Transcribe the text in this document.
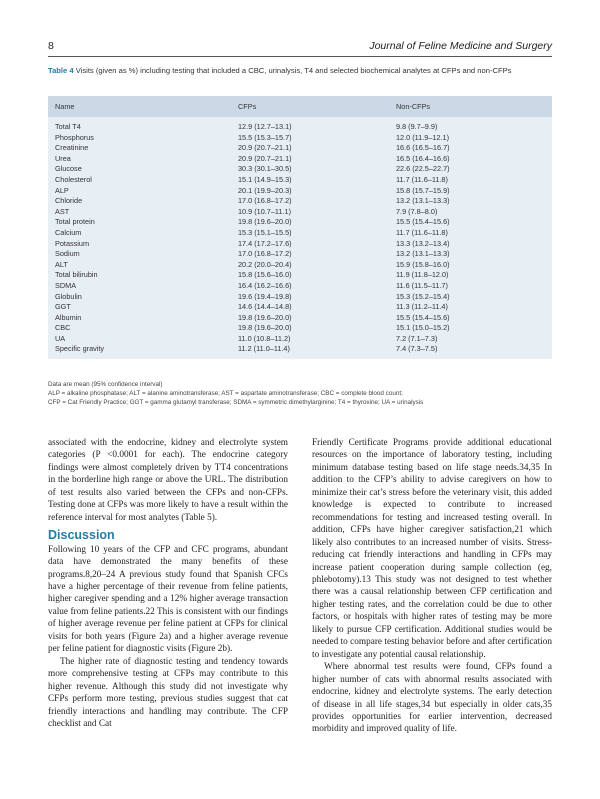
8	Journal of Feline Medicine and Surgery
Table 4 Visits (given as %) including testing that included a CBC, urinalysis, T4 and selected biochemical analytes at CFPs and non-CFPs
Name	CFPs	Non-CFPs
Total T4	12.9 (12.7–13.1)	9.8 (9.7–9.9)
Phosphorus	15.5 (15.3–15.7)	12.0 (11.9–12.1)
Creatinine	20.9 (20.7–21.1)	16.6 (16.5–16.7)
Urea	20.9 (20.7–21.1)	16.5 (16.4–16.6)
Glucose	30.3 (30.1–30.5)	22.6 (22.5–22.7)
Cholesterol	15.1 (14.9–15.3)	11.7 (11.6–11.8)
ALP	20.1 (19.9–20.3)	15.8 (15.7–15.9)
Chloride	17.0 (16.8–17.2)	13.2 (13.1–13.3)
AST	10.9 (10.7–11.1)	7.9 (7.8–8.0)
Total protein	19.8 (19.6–20.0)	15.5 (15.4–15.6)
Calcium	15.3 (15.1–15.5)	11.7 (11.6–11.8)
Potassium	17.4 (17.2–17.6)	13.3 (13.2–13.4)
Sodium	17.0 (16.8–17.2)	13.2 (13.1–13.3)
ALT	20.2 (20.0–20.4)	15.9 (15.8–16.0)
Total bilirubin	15.8 (15.6–16.0)	11.9 (11.8–12.0)
SDMA	16.4 (16.2–16.6)	11.6 (11.5–11.7)
Globulin	19.6 (19.4–19.8)	15.3 (15.2–15.4)
GGT	14.6 (14.4–14.8)	11.3 (11.2–11.4)
Albumin	19.8 (19.6–20.0)	15.5 (15.4–15.6)
CBC	19.8 (19.6–20.0)	15.1 (15.0–15.2)
UA	11.0 (10.8–11.2)	7.2 (7.1–7.3)
Specific gravity	11.2 (11.0–11.4)	7.4 (7.3–7.5)
Data are mean (95% confidence interval)
ALP = alkaline phosphatase; ALT = alanine aminotransferase; AST = aspartate aminotransferase; CBC = complete blood count;
CFP = Cat Friendly Practice; GGT = gamma glutamyl transferase; SDMA = symmetric dimethylarginine; T4 = thyroxine; UA = urinalysis

associated with the endocrine, kidney and electrolyte system categories (P <0.0001 for each). The endocrine category findings were almost completely driven by TT4 concentrations in the borderline high range or above the URL. The distribution of test results also varied between the CFPs and non-CFPs. Testing done at CFPs was more likely to have a result within the reference interval for most analytes (Table 5).

Discussion

Following 10 years of the CFP and CFC programs, abundant data have demonstrated the many benefits of these programs.8,20–24 A previous study found that Spanish CFCs have a higher percentage of their revenue from feline patients, higher caregiver spending and a 12% higher average transaction value from feline patients.22 This is consistent with our findings of higher average revenue per feline patient at CFPs for clinical visits for both years (Figure 2a) and a higher average revenue per feline patient for diagnostic visits (Figure 2b).

The higher rate of diagnostic testing and tendency towards more comprehensive testing at CFPs may contribute to this higher revenue. Although this study did not investigate why CFPs perform more testing, previous studies suggest that cat friendly interactions and handling may contribute. The CFP checklist and Cat

Friendly Certificate Programs provide additional educational resources on the importance of laboratory testing, including minimum database testing based on life stage needs.34,35 In addition to the CFP’s ability to advise caregivers on how to minimize their cat’s stress before the veterinary visit, this added knowledge is expected to contribute to increased recommendations for testing and increased testing overall. In addition, CFPs have higher caregiver satisfaction,21 which likely also contributes to an increased number of visits. Stress-reducing cat friendly interactions and handling in CFPs may increase patient cooperation during sample collection (eg, phlebotomy).13 This study was not designed to test whether there was a causal relationship between CFP certification and higher testing rates, and the correlation could be due to other factors, or hospitals with higher rates of testing may be more likely to pursue CFP certification. Additional studies would be needed to compare testing behavior before and after certification to investigate any potential causal relationship.

Where abnormal test results were found, CFPs found a higher number of cats with abnormal results associated with endocrine, kidney and electrolyte systems. The early detection of disease in all life stages,34 but especially in older cats,35 provides opportunities for earlier intervention, decreased morbidity and improved quality of life.
